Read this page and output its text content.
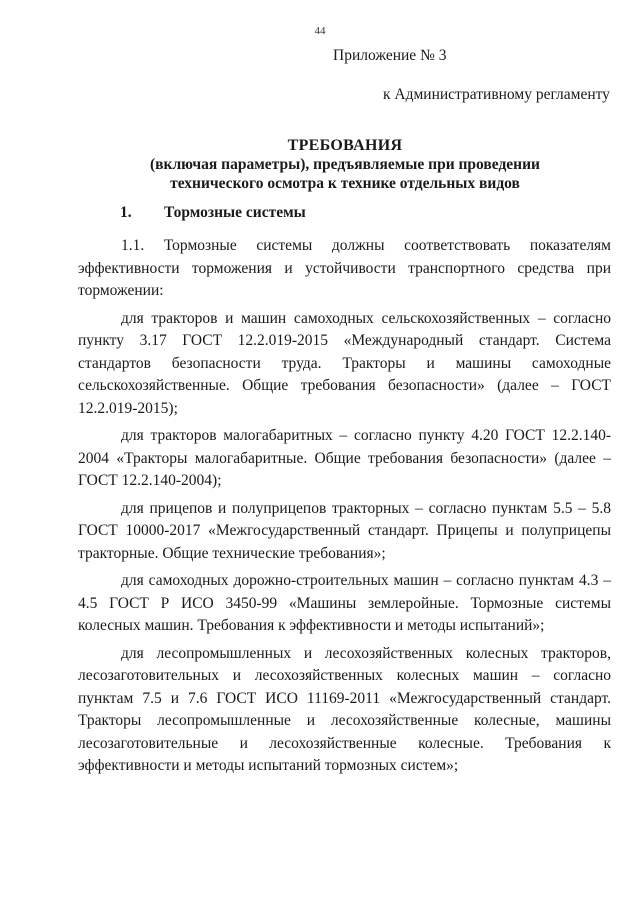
44
Приложение № 3
к Административному регламенту
ТРЕБОВАНИЯ
(включая параметры), предъявляемые при проведении
технического осмотра к технике отдельных видов
1. Тормозные системы

1.1. Тормозные системы должны соответствовать показателям эффективности торможения и устойчивости транспортного средства при торможении:

для тракторов и машин самоходных сельскохозяйственных – согласно пункту 3.17 ГОСТ 12.2.019-2015 «Международный стандарт. Система стандартов безопасности труда. Тракторы и машины самоходные сельскохозяйственные. Общие требования безопасности» (далее – ГОСТ 12.2.019-2015);

для тракторов малогабаритных – согласно пункту 4.20 ГОСТ 12.2.140-2004 «Тракторы малогабаритные. Общие требования безопасности» (далее – ГОСТ 12.2.140-2004);

для прицепов и полуприцепов тракторных – согласно пунктам 5.5 – 5.8 ГОСТ 10000-2017 «Межгосударственный стандарт. Прицепы и полуприцепы тракторные. Общие технические требования»;

для самоходных дорожно-строительных машин – согласно пунктам 4.3 – 4.5 ГОСТ Р ИСО 3450-99 «Машины землеройные. Тормозные системы колесных машин. Требования к эффективности и методы испытаний»;

для лесопромышленных и лесохозяйственных колесных тракторов, лесозаготовительных и лесохозяйственных колесных машин – согласно пунктам 7.5 и 7.6 ГОСТ ИСО 11169-2011 «Межгосударственный стандарт. Тракторы лесопромышленные и лесохозяйственные колесные, машины лесозаготовительные и лесохозяйственные колесные. Требования к эффективности и методы испытаний тормозных систем»;
